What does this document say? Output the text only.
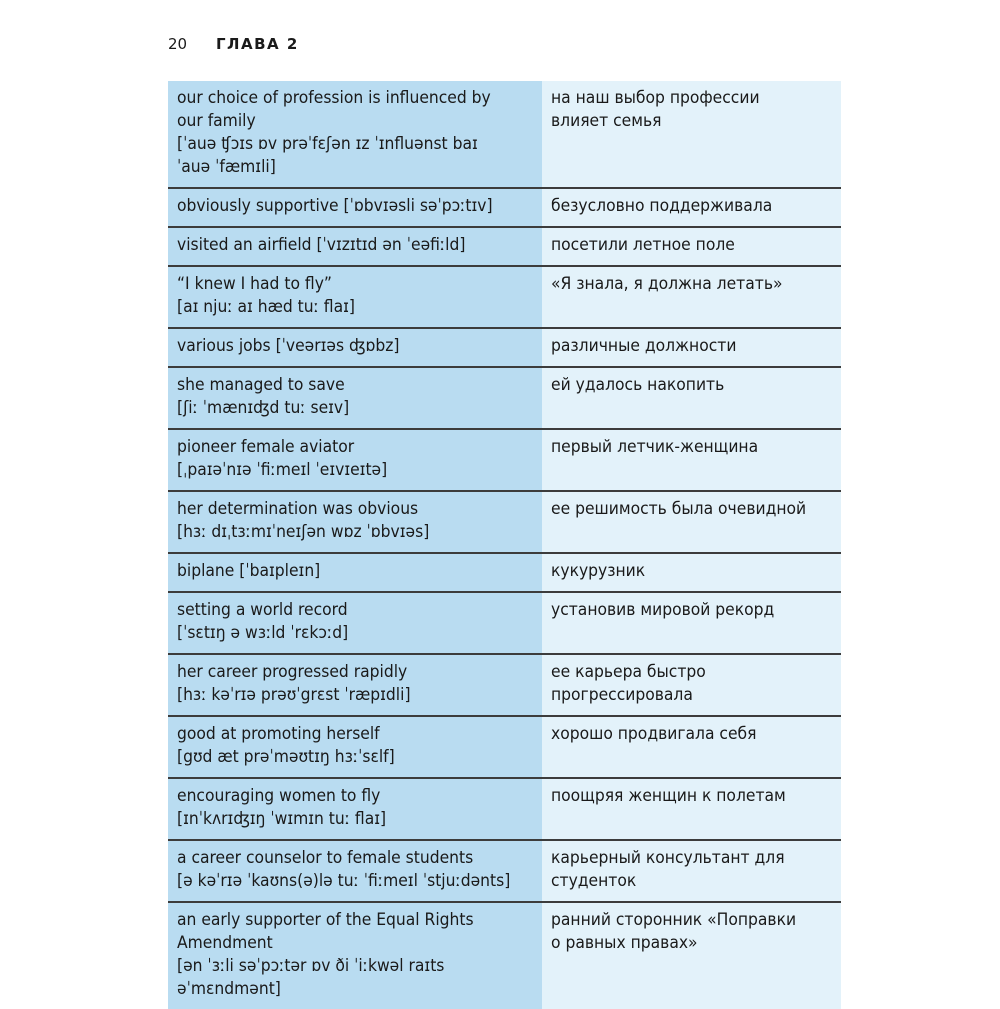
20	ГЛАВА 2
our choice of profession is influenced by
our family
[ˈauə ʧɔɪs ɒv prəˈfɛʃən ɪz ˈɪnfluənst baɪ
ˈauə ˈfæmɪli]	на наш выбор профессии
влияет семья

obviously supportive [ˈɒbvɪəsli səˈpɔːtɪv]	безусловно поддерживала

visited an airfield [ˈvɪzɪtɪd ən ˈeəfiːld]	посетили летное поле

“I knew I had to fly”
[aɪ njuː aɪ hæd tuː flaɪ]	«Я знала, я должна летать»

various jobs [ˈveərɪəs ʤɒbz]	различные должности

she managed to save
[ʃiː ˈmænɪʤd tuː seɪv]	ей удалось накопить

pioneer female aviator
[ˌpaɪəˈnɪə ˈfiːmeɪl ˈeɪvɪeɪtə]	первый летчик-женщина

her determination was obvious
[hɜː dɪˌtɜːmɪˈneɪʃən wɒz ˈɒbvɪəs]	ее решимость была очевидной

biplane [ˈbaɪpleɪn]	кукурузник

setting a world record
[ˈsɛtɪŋ ə wɜːld ˈrɛkɔːd]	установив мировой рекорд

her career progressed rapidly
[hɜː kəˈrɪə prəʊˈgrɛst ˈræpɪdli]	ее карьера быстро
прогрессировала

good at promoting herself
[gʊd æt prəˈməʊtɪŋ hɜːˈsɛlf]	хорошо продвигала себя

encouraging women to fly
[ɪnˈkʌrɪʤɪŋ ˈwɪmɪn tuː flaɪ]	поощряя женщин к полетам

a career counselor to female students
[ə kəˈrɪə ˈkaʊns(ə)lə tuː ˈfiːmeɪl ˈstjuːdənts]	карьерный консультант для
студенток

an early supporter of the Equal Rights
Amendment
[ən ˈɜːli səˈpɔːtər ɒv ði ˈiːkwəl raɪts
əˈmɛndmənt]	ранний сторонник «Поправки
о равных правах»
